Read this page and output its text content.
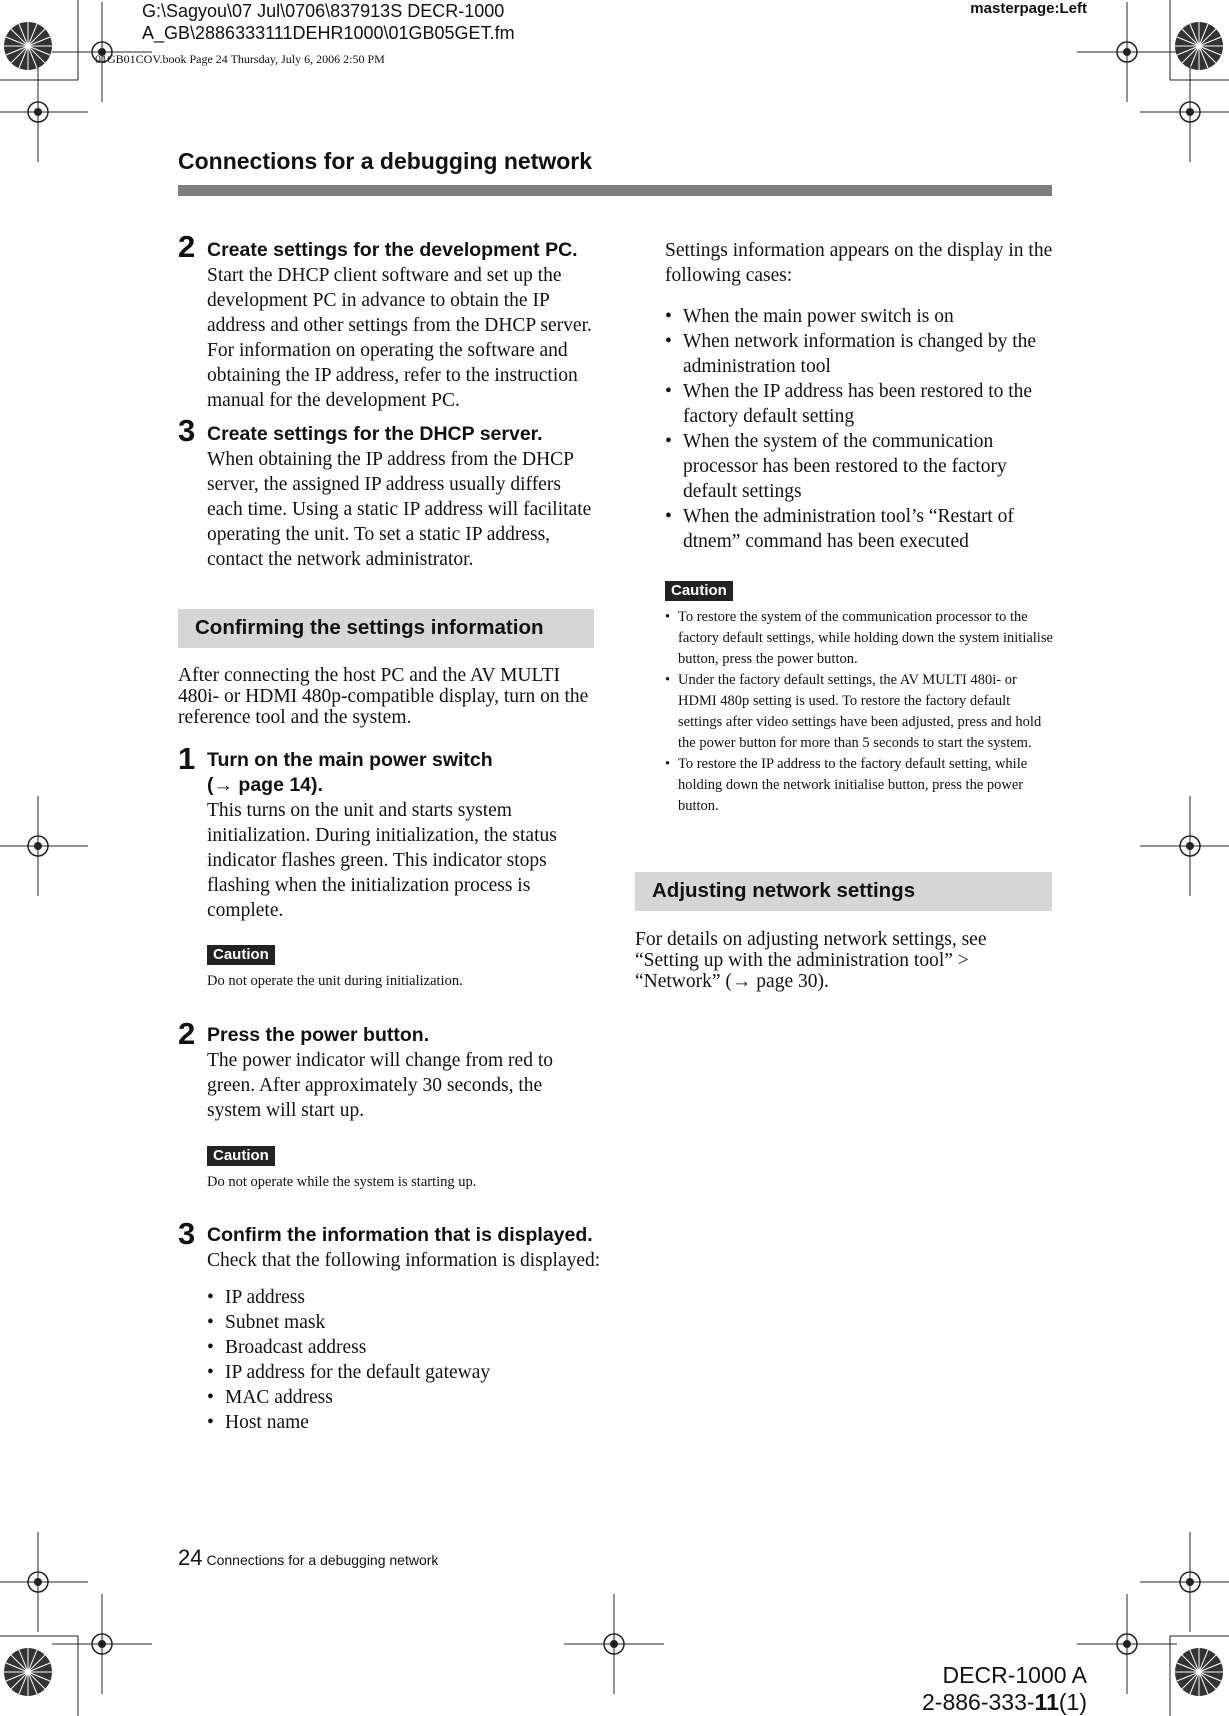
G:\Sagyou\07 Jul\0706\837913S DECR-1000
A_GB\2886333111DEHR1000\01GB05GET.fm
masterpage:Left
01GB01COV.book Page 24 Thursday, July 6, 2006 2:50 PM
Connections for a debugging network
2 Create settings for the development PC.
Start the DHCP client software and set up the development PC in advance to obtain the IP address and other settings from the DHCP server. For information on operating the software and obtaining the IP address, refer to the instruction manual for the development PC.
3 Create settings for the DHCP server.
When obtaining the IP address from the DHCP server, the assigned IP address usually differs each time. Using a static IP address will facilitate operating the unit. To set a static IP address, contact the network administrator.
Confirming the settings information
After connecting the host PC and the AV MULTI 480i- or HDMI 480p-compatible display, turn on the reference tool and the system.
1 Turn on the main power switch
(→ page 14).
This turns on the unit and starts system initialization. During initialization, the status indicator flashes green. This indicator stops flashing when the initialization process is complete.
Caution
Do not operate the unit during initialization.
2 Press the power button.
The power indicator will change from red to green. After approximately 30 seconds, the system will start up.
Caution
Do not operate while the system is starting up.
3 Confirm the information that is displayed.
Check that the following information is displayed:
• IP address
• Subnet mask
• Broadcast address
• IP address for the default gateway
• MAC address
• Host name
Settings information appears on the display in the following cases:
• When the main power switch is on
• When network information is changed by the administration tool
• When the IP address has been restored to the factory default setting
• When the system of the communication processor has been restored to the factory default settings
• When the administration tool’s “Restart of dtnem” command has been executed
Caution
• To restore the system of the communication processor to the factory default settings, while holding down the system initialise button, press the power button.
• Under the factory default settings, the AV MULTI 480i- or HDMI 480p setting is used. To restore the factory default settings after video settings have been adjusted, press and hold the power button for more than 5 seconds to start the system.
• To restore the IP address to the factory default setting, while holding down the network initialise button, press the power button.
Adjusting network settings
For details on adjusting network settings, see “Setting up with the administration tool” > “Network” (→ page 30).
24 Connections for a debugging network
DECR-1000 A
2-886-333-11(1)
